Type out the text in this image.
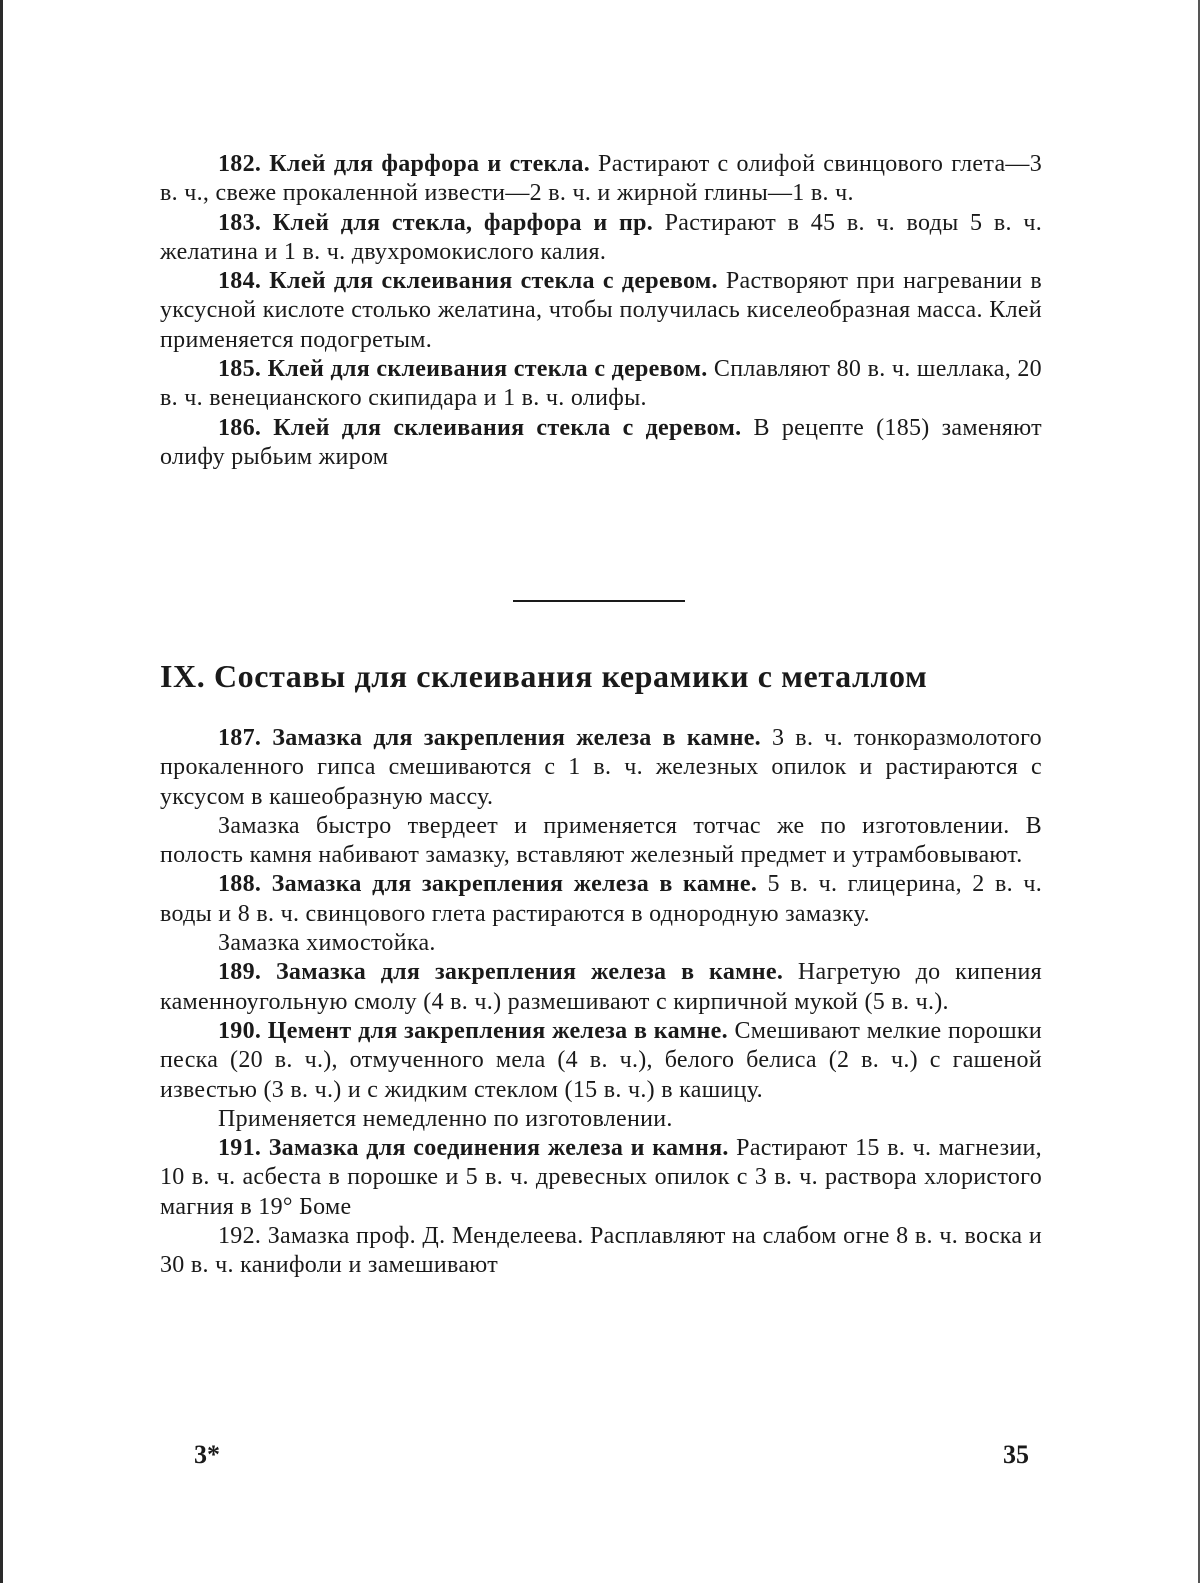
182. Клей для фарфора и стекла. Растирают с олифой свинцового глета—3 в. ч., свеже прокаленной извести—2 в. ч. и жирной глины—1 в. ч.

183. Клей для стекла, фарфора и пр. Растирают в 45 в. ч. воды 5 в. ч. желатина и 1 в. ч. двухромокислого калия.

184. Клей для склеивания стекла с деревом. Растворяют при нагревании в уксусной кислоте столько желатина, чтобы получилась киселеобразная масса. Клей применяется подогретым.

185. Клей для склеивания стекла с деревом. Сплавляют 80 в. ч. шеллака, 20 в. ч. венецианского скипидара и 1 в. ч. олифы.

186. Клей для склеивания стекла с деревом. В рецепте (185) заменяют олифу рыбьим жиром

IX. Составы для склеивания керамики с металлом

187. Замазка для закрепления железа в камне. 3 в. ч. тонкоразмолотого прокаленного гипса смешиваются с 1 в. ч. железных опилок и растираются с уксусом в кашеобразную массу.

Замазка быстро твердеет и применяется тотчас же по изготовлении. В полость камня набивают замазку, вставляют железный предмет и утрамбовывают.

188. Замазка для закрепления железа в камне. 5 в. ч. глицерина, 2 в. ч. воды и 8 в. ч. свинцового глета растираются в однородную замазку.

Замазка химостойка.

189. Замазка для закрепления железа в камне. Нагретую до кипения каменноугольную смолу (4 в. ч.) размешивают с кирпичной мукой (5 в. ч.).

190. Цемент для закрепления железа в камне. Смешивают мелкие порошки песка (20 в. ч.), отмученного мела (4 в. ч.), белого белиса (2 в. ч.) с гашеной известью (3 в. ч.) и с жидким стеклом (15 в. ч.) в кашицу.

Применяется немедленно по изготовлении.

191. Замазка для соединения железа и камня. Растирают 15 в. ч. магнезии, 10 в. ч. асбеста в порошке и 5 в. ч. древесных опилок с 3 в. ч. раствора хлористого магния в 19° Боме

192. Замазка проф. Д. Менделеева. Расплавляют на слабом огне 8 в. ч. воска и 30 в. ч. канифоли и замешивают

3*	35
